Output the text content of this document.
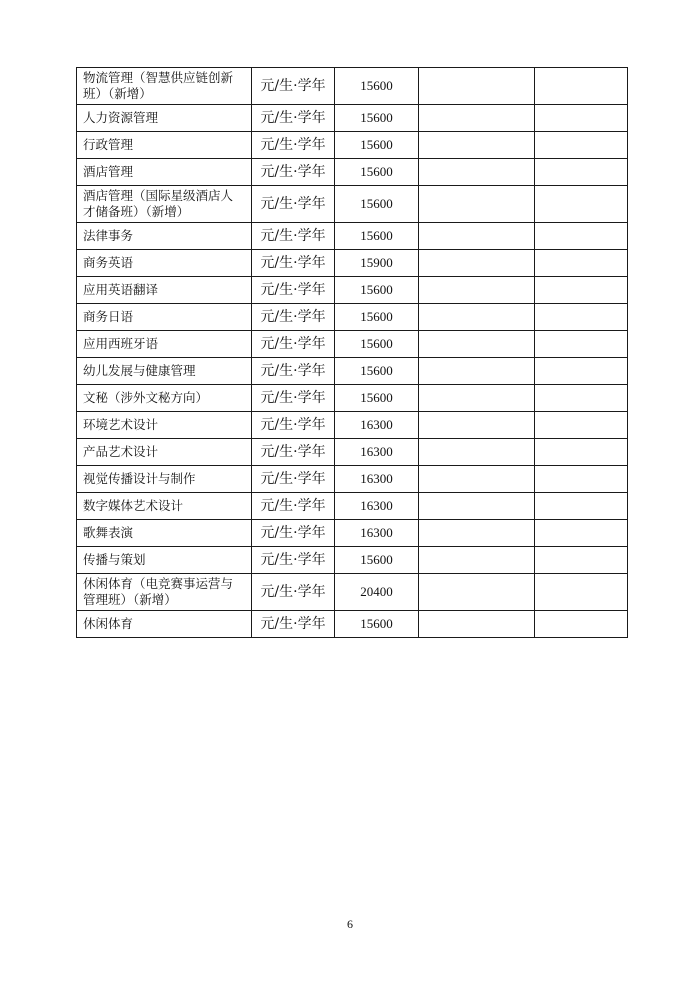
物流管理（智慧供应链创新班）（新增）	元/生·学年	15600		
人力资源管理	元/生·学年	15600		
行政管理	元/生·学年	15600		
酒店管理	元/生·学年	15600		
酒店管理（国际星级酒店人才储备班）（新增）	元/生·学年	15600		
法律事务	元/生·学年	15600		
商务英语	元/生·学年	15900		
应用英语翻译	元/生·学年	15600		
商务日语	元/生·学年	15600		
应用西班牙语	元/生·学年	15600		
幼儿发展与健康管理	元/生·学年	15600		
文秘（涉外文秘方向）	元/生·学年	15600		
环境艺术设计	元/生·学年	16300		
产品艺术设计	元/生·学年	16300		
视觉传播设计与制作	元/生·学年	16300		
数字媒体艺术设计	元/生·学年	16300		
歌舞表演	元/生·学年	16300		
传播与策划	元/生·学年	15600		
休闲体育（电竞赛事运营与管理班）（新增）	元/生·学年	20400		
休闲体育	元/生·学年	15600		
6
